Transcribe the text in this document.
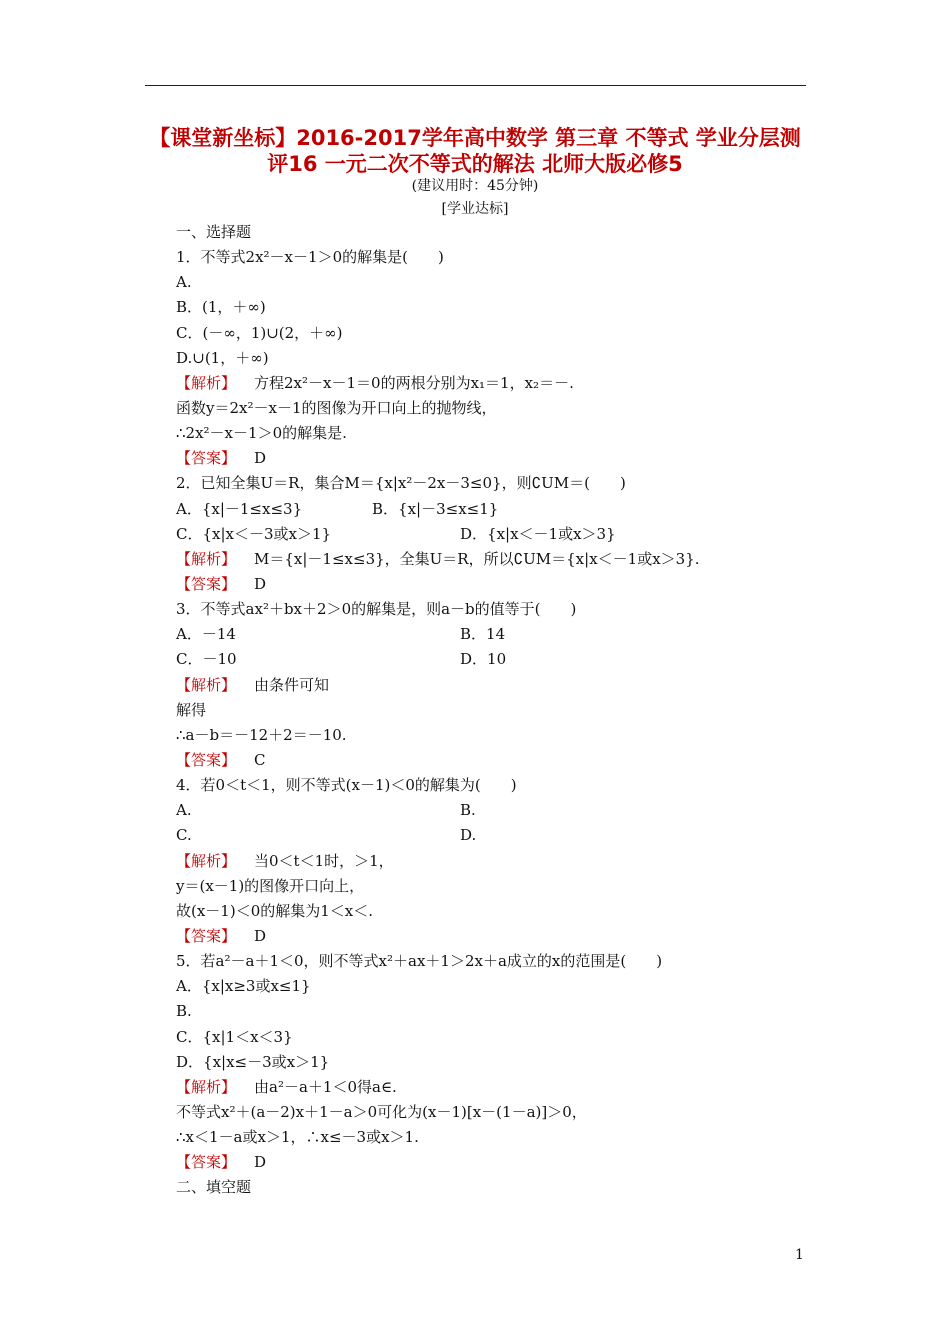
【课堂新坐标】2016-2017学年高中数学 第三章 不等式 学业分层测
评16 一元二次不等式的解法 北师大版必修5
(建议用时：45分钟)
[学业达标]
一、选择题
1．不等式2x²－x－1＞0的解集是(　　)
A.
B．(1，＋∞)
C．(－∞，1)∪(2，＋∞)
D.∪(1，＋∞)
【解析】 方程2x²－x－1＝0的两根分别为x₁＝1，x₂＝－.
函数y＝2x²－x－1的图像为开口向上的抛物线，
∴2x²－x－1＞0的解集是.
【答案】 D
2．已知全集U＝R，集合M＝{x|x²－2x－3≤0}，则∁UM＝(　　)
A．{x|－1≤x≤3}	B．{x|－3≤x≤1}
C．{x|x＜－3或x＞1}	D．{x|x＜－1或x＞3}
【解析】 M＝{x|－1≤x≤3}，全集U＝R，所以∁UM＝{x|x＜－1或x＞3}.
【答案】 D
3．不等式ax²＋bx＋2＞0的解集是，则a－b的值等于(　　)
A．－14	B．14
C．－10	D．10
【解析】 由条件可知
解得
∴a－b＝－12＋2＝－10.
【答案】 C
4．若0＜t＜1，则不等式(x－1)＜0的解集为(　　)
A.	B.
C.	D.
【解析】 当0＜t＜1时，＞1，
y＝(x－1)的图像开口向上，
故(x－1)＜0的解集为1＜x＜.
【答案】 D
5．若a²－a＋1＜0，则不等式x²＋ax＋1＞2x＋a成立的x的范围是(　　)
A．{x|x≥3或x≤1}
B.
C．{x|1＜x＜3}
D．{x|x≤－3或x＞1}
【解析】 由a²－a＋1＜0得a∈.
不等式x²＋(a－2)x＋1－a＞0可化为(x－1)[x－(1－a)]＞0，
∴x＜1－a或x＞1，∴x≤－3或x＞1.
【答案】 D
二、填空题
1
